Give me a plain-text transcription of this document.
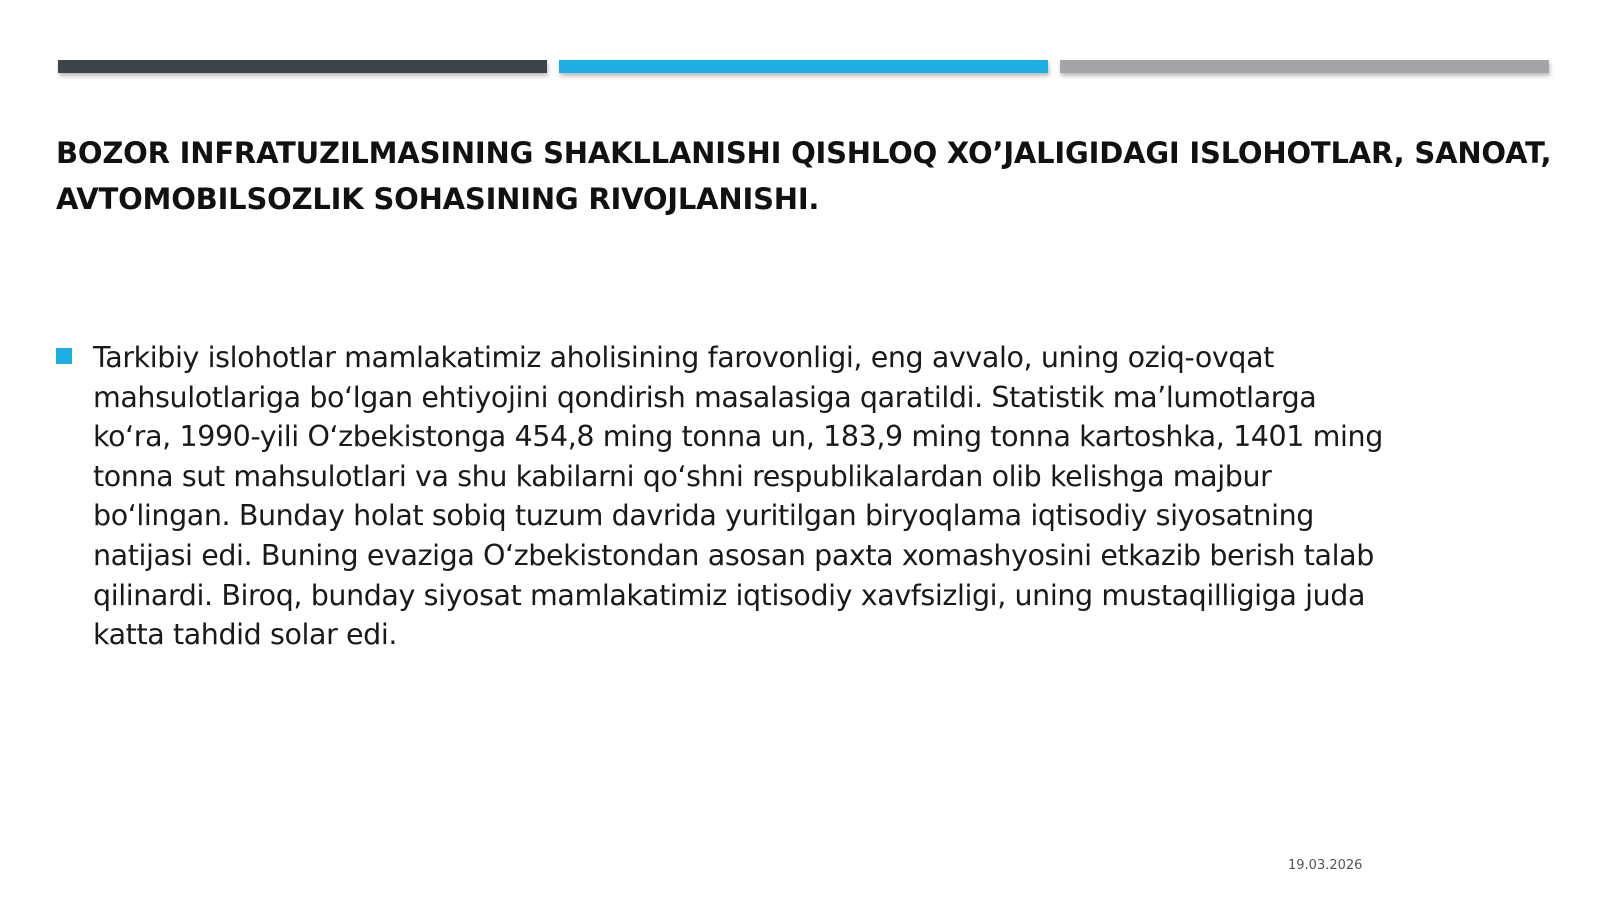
BOZOR INFRATUZILMASINING SHAKLLANISHI QISHLOQ XO’JALIGIDAGI ISLOHOTLAR, SANOAT, AVTOMOBILSOZLIK SOHASINING RIVOJLANISHI.

Tarkibiy islohotlar mamlakatimiz aholisining farovonligi, eng avvalo, uning oziq-ovqat mahsulotlariga boʻlgan ehtiyojini qondirish masalasiga qaratildi. Statistik maʼlumotlarga koʻra, 1990-yili Oʻzbekistonga 454,8 ming tonna un, 183,9 ming tonna kartoshka, 1401 ming tonna sut mahsulotlari va shu kabilarni qoʻshni respublikalardan olib kelishga majbur boʻlingan. Bunday holat sobiq tuzum davrida yuritilgan biryoqlama iqtisodiy siyosatning natijasi edi. Buning evaziga Oʻzbekistondan asosan paxta xomashyosini etkazib berish talab qilinardi. Biroq, bunday siyosat mamlakatimiz iqtisodiy xavfsizligi, uning mustaqilligiga juda katta tahdid solar edi.

19.03.2026
